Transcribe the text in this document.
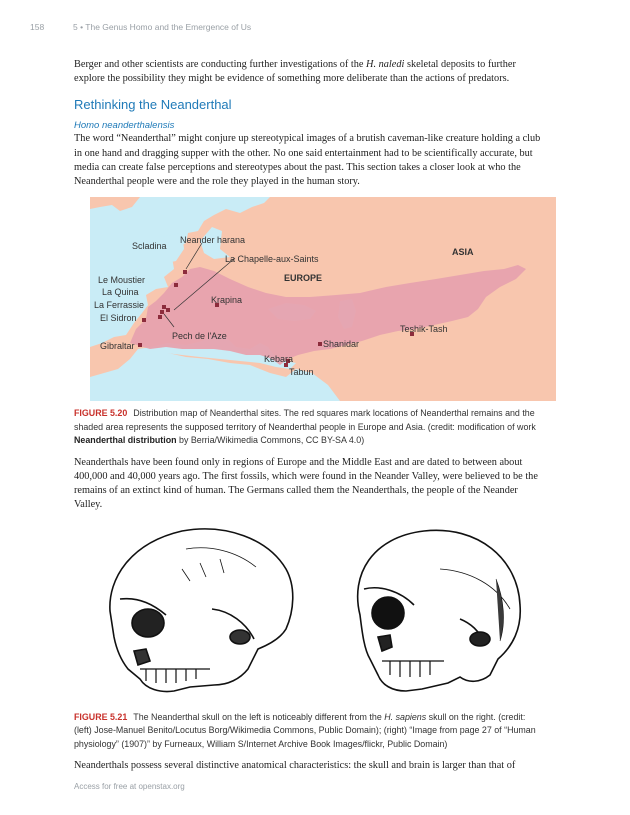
158	5 • The Genus Homo and the Emergence of Us

Berger and other scientists are conducting further investigations of the H. naledi skeletal deposits to further explore the possibility they might be evidence of something more deliberate than the actions of predators.

Rethinking the Neanderthal
Homo neanderthalensis

The word “Neanderthal” might conjure up stereotypical images of a brutish caveman-like creature holding a club in one hand and dragging supper with the other. No one said entertainment had to be scientifically accurate, but media can create false perceptions and stereotypes about the past. This section takes a closer look at who the Neanderthal people were and the role they played in the human story.

EUROPE
ASIA
Neander harana
Scladina
La Chapelle-aux-Saints
Le Moustier
La Quina
La Ferrassie
El Sidron
Krapina
Pech de l'Aze
Gibraltar
Teshik-Tash
Shanidar
Kebara
Tabun

FIGURE 5.20 Distribution map of Neanderthal sites. The red squares mark locations of Neanderthal remains and the shaded area represents the supposed territory of Neanderthal people in Europe and Asia. (credit: modification of work Neanderthal distribution by Berria/Wikimedia Commons, CC BY-SA 4.0)

Neanderthals have been found only in regions of Europe and the Middle East and are dated to between about 400,000 and 40,000 years ago. The first fossils, which were found in the Neander Valley, were believed to be the remains of an extinct kind of human. The Germans called them the Neanderthals, the people of the Neander Valley.

FIGURE 5.21 The Neanderthal skull on the left is noticeably different from the H. sapiens skull on the right. (credit: (left) Jose-Manuel Benito/Locutus Borg/Wikimedia Commons, Public Domain); (right) “Image from page 27 of “Human physiology” (1907)” by Furneaux, William S/Internet Archive Book Images/flickr, Public Domain)

Neanderthals possess several distinctive anatomical characteristics: the skull and brain is larger than that of

Access for free at openstax.org
